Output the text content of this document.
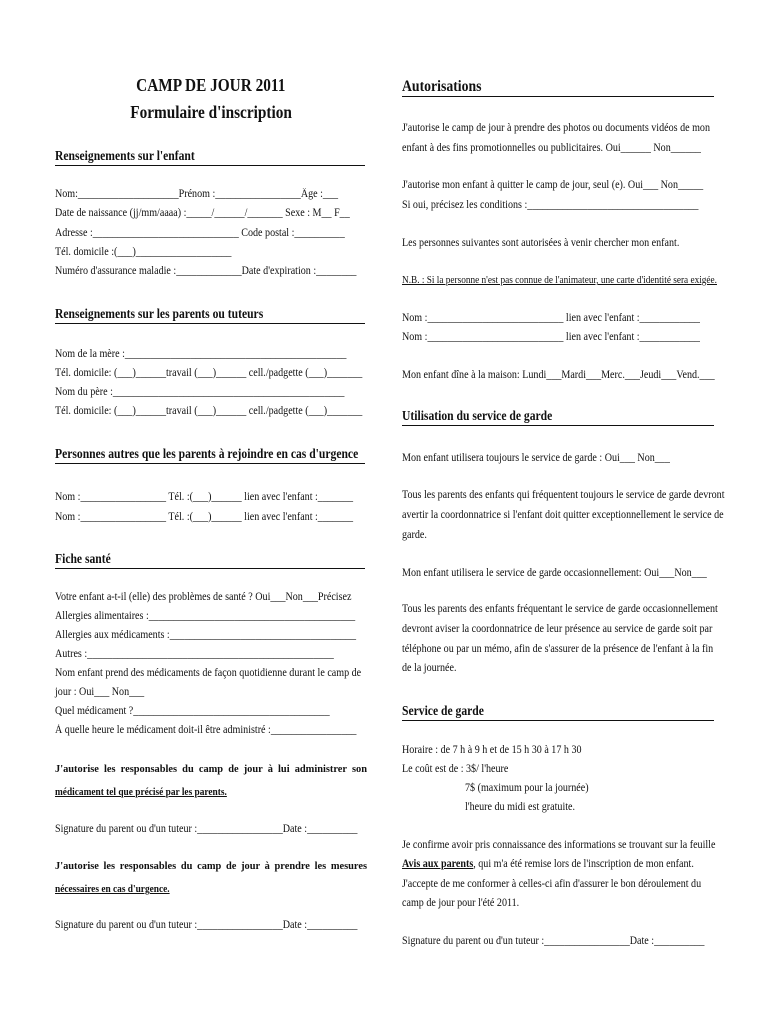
CAMP DE JOUR 2011
Formulaire d'inscription
Renseignements sur l'enfant
Nom:____________________Prénom :_________________Âge :___
Date de naissance (jj/mm/aaaa) :_____/______/_______ Sexe : M__ F__
Adresse :_____________________________ Code postal :__________
Tél. domicile :(___)___________________
Numéro d'assurance maladie :_____________Date d'expiration :________
Renseignements sur les parents ou tuteurs
Nom de la mère :____________________________________________
Tél. domicile: (___)______travail (___)______ cell./padgette (___)_______
Nom du père :______________________________________________
Tél. domicile: (___)______travail (___)______ cell./padgette (___)_______
Personnes autres que les parents à rejoindre en cas d'urgence
Nom :_________________ Tél. :(___)______ lien avec l'enfant :_______
Nom :_________________ Tél. :(___)______ lien avec l'enfant :_______
Fiche santé
Votre enfant a-t-il (elle) des problèmes de santé ? Oui___Non___Précisez
Allergies alimentaires :_________________________________________
Allergies aux médicaments :_____________________________________
Autres :_________________________________________________
Nom enfant prend des médicaments de façon quotidienne durant le camp de
jour : Oui___ Non___
Quel médicament ?_______________________________________
À quelle heure le médicament doit-il être administré :_________________
J'autorise les responsables du camp de jour à lui administrer son
médicament tel que précisé par les parents.
Signature du parent ou d'un tuteur :_________________Date :__________
J'autorise les responsables du camp de jour à prendre les mesures
nécessaires en cas d'urgence.
Signature du parent ou d'un tuteur :_________________Date :__________
Autorisations
J'autorise le camp de jour à prendre des photos ou documents vidéos de mon
enfant à des fins promotionnelles ou publicitaires. Oui______ Non______
J'autorise mon enfant à quitter le camp de jour, seul (e). Oui___ Non_____
Si oui, précisez les conditions :__________________________________
Les personnes suivantes sont autorisées à venir chercher mon enfant.
N.B. : Si la personne n'est pas connue de l'animateur, une carte d'identité sera exigée.
Nom :___________________________ lien avec l'enfant :____________
Nom :___________________________ lien avec l'enfant :____________
Mon enfant dîne à la maison: Lundi___Mardi___Merc.___Jeudi___Vend.___
Utilisation du service de garde
Mon enfant utilisera toujours le service de garde : Oui___ Non___
Tous les parents des enfants qui fréquentent toujours le service de garde devront
avertir la coordonnatrice si l'enfant doit quitter exceptionnellement le service de
garde.
Mon enfant utilisera le service de garde occasionnellement: Oui___Non___
Tous les parents des enfants fréquentant le service de garde occasionnellement
devront aviser la coordonnatrice de leur présence au service de garde soit par
téléphone ou par un mémo, afin de s'assurer de la présence de l'enfant à la fin
de la journée.
Service de garde
Horaire : de 7 h à 9 h et de 15 h 30 à 17 h 30
Le coût est de : 3$/ l'heure
7$ (maximum pour la journée)
l'heure du midi est gratuite.
Je confirme avoir pris connaissance des informations se trouvant sur la feuille
Avis aux parents, qui m'a été remise lors de l'inscription de mon enfant.
J'accepte de me conformer à celles-ci afin d'assurer le bon déroulement du
camp de jour pour l'été 2011.
Signature du parent ou d'un tuteur :_________________Date :__________
